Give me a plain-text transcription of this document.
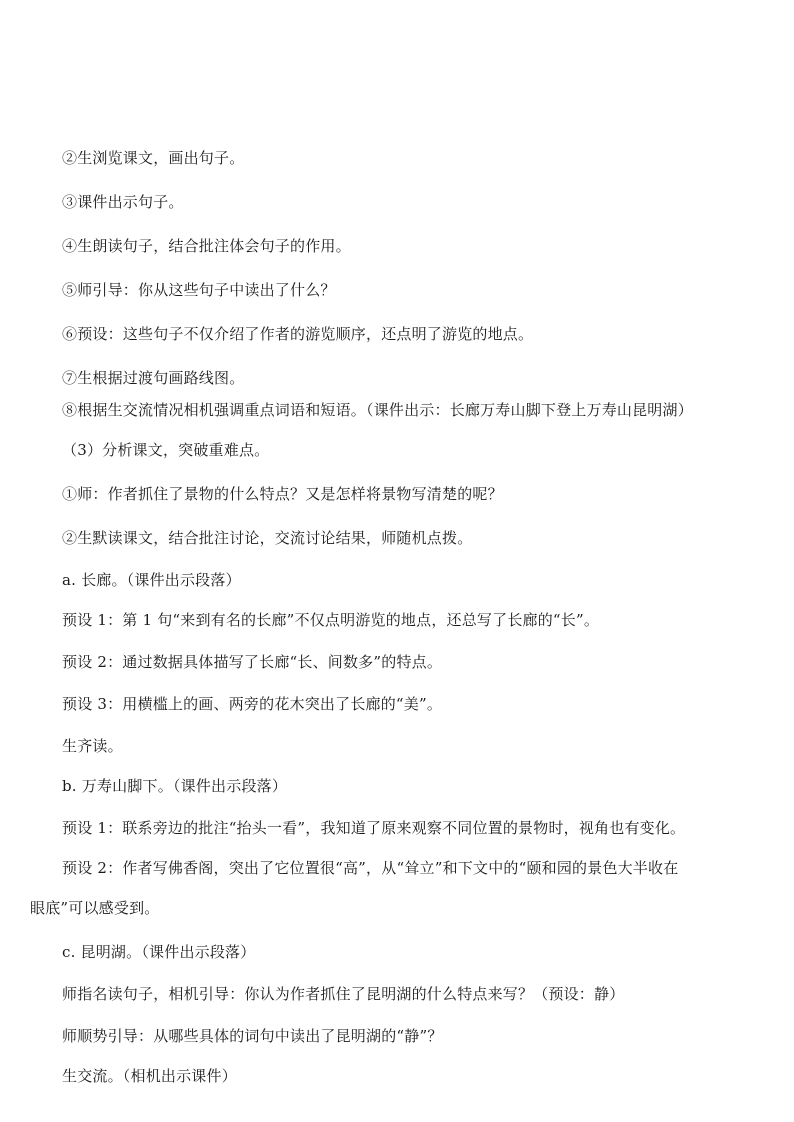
②生浏览课文，画出句子。
③课件出示句子。
④生朗读句子，结合批注体会句子的作用。
⑤师引导：你从这些句子中读出了什么？
⑥预设：这些句子不仅介绍了作者的游览顺序，还点明了游览的地点。
⑦生根据过渡句画路线图。
⑧根据生交流情况相机强调重点词语和短语。（课件出示：长廊万寿山脚下登上万寿山昆明湖）
（3）分析课文，突破重难点。
①师：作者抓住了景物的什么特点？又是怎样将景物写清楚的呢？
②生默读课文，结合批注讨论，交流讨论结果，师随机点拨。
a. 长廊。（课件出示段落）
预设 1：第 1 句“来到有名的长廊”不仅点明游览的地点，还总写了长廊的“长”。
预设 2：通过数据具体描写了长廊“长、间数多”的特点。
预设 3：用横槛上的画、两旁的花木突出了长廊的“美”。
生齐读。
b. 万寿山脚下。（课件出示段落）
预设 1：联系旁边的批注“抬头一看”，我知道了原来观察不同位置的景物时，视角也有变化。
预设 2：作者写佛香阁，突出了它位置很“高”，从“耸立”和下文中的“颐和园的景色大半收在
眼底”可以感受到。
c. 昆明湖。（课件出示段落）
师指名读句子，相机引导：你认为作者抓住了昆明湖的什么特点来写？（预设：静）
师顺势引导：从哪些具体的词句中读出了昆明湖的“静”？
生交流。（相机出示课件）
